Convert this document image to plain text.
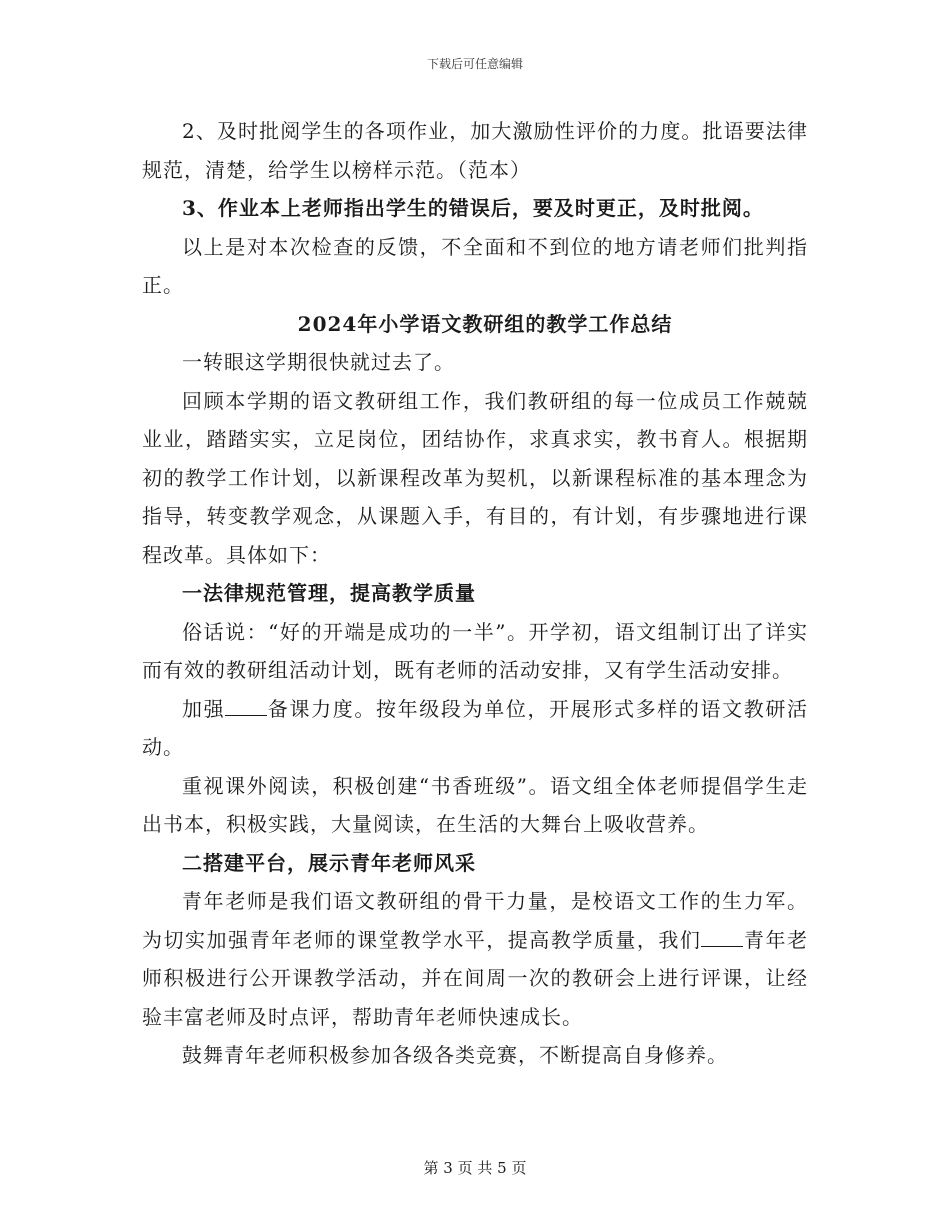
下载后可任意编辑

2、及时批阅学生的各项作业，加大激励性评价的力度。批语要法律规范，清楚，给学生以榜样示范。（范本）

3、作业本上老师指出学生的错误后，要及时更正，及时批阅。

以上是对本次检查的反馈，不全面和不到位的地方请老师们批判指正。

2024年小学语文教研组的教学工作总结

一转眼这学期很快就过去了。

回顾本学期的语文教研组工作，我们教研组的每一位成员工作兢兢业业，踏踏实实，立足岗位，团结协作，求真求实，教书育人。根据期初的教学工作计划，以新课程改革为契机，以新课程标准的基本理念为指导，转变教学观念，从课题入手，有目的，有计划，有步骤地进行课程改革。具体如下：

一法律规范管理，提高教学质量

俗话说：“好的开端是成功的一半”。开学初，语文组制订出了详实而有效的教研组活动计划，既有老师的活动安排，又有学生活动安排。

加强 备课力度。按年级段为单位，开展形式多样的语文教研活动。

重视课外阅读，积极创建“书香班级”。语文组全体老师提倡学生走出书本，积极实践，大量阅读，在生活的大舞台上吸收营养。

二搭建平台，展示青年老师风采

青年老师是我们语文教研组的骨干力量，是校语文工作的生力军。为切实加强青年老师的课堂教学水平，提高教学质量，我们 青年老师积极进行公开课教学活动，并在间周一次的教研会上进行评课，让经验丰富老师及时点评，帮助青年老师快速成长。

鼓舞青年老师积极参加各级各类竞赛，不断提高自身修养。

第 3 页 共 5 页
